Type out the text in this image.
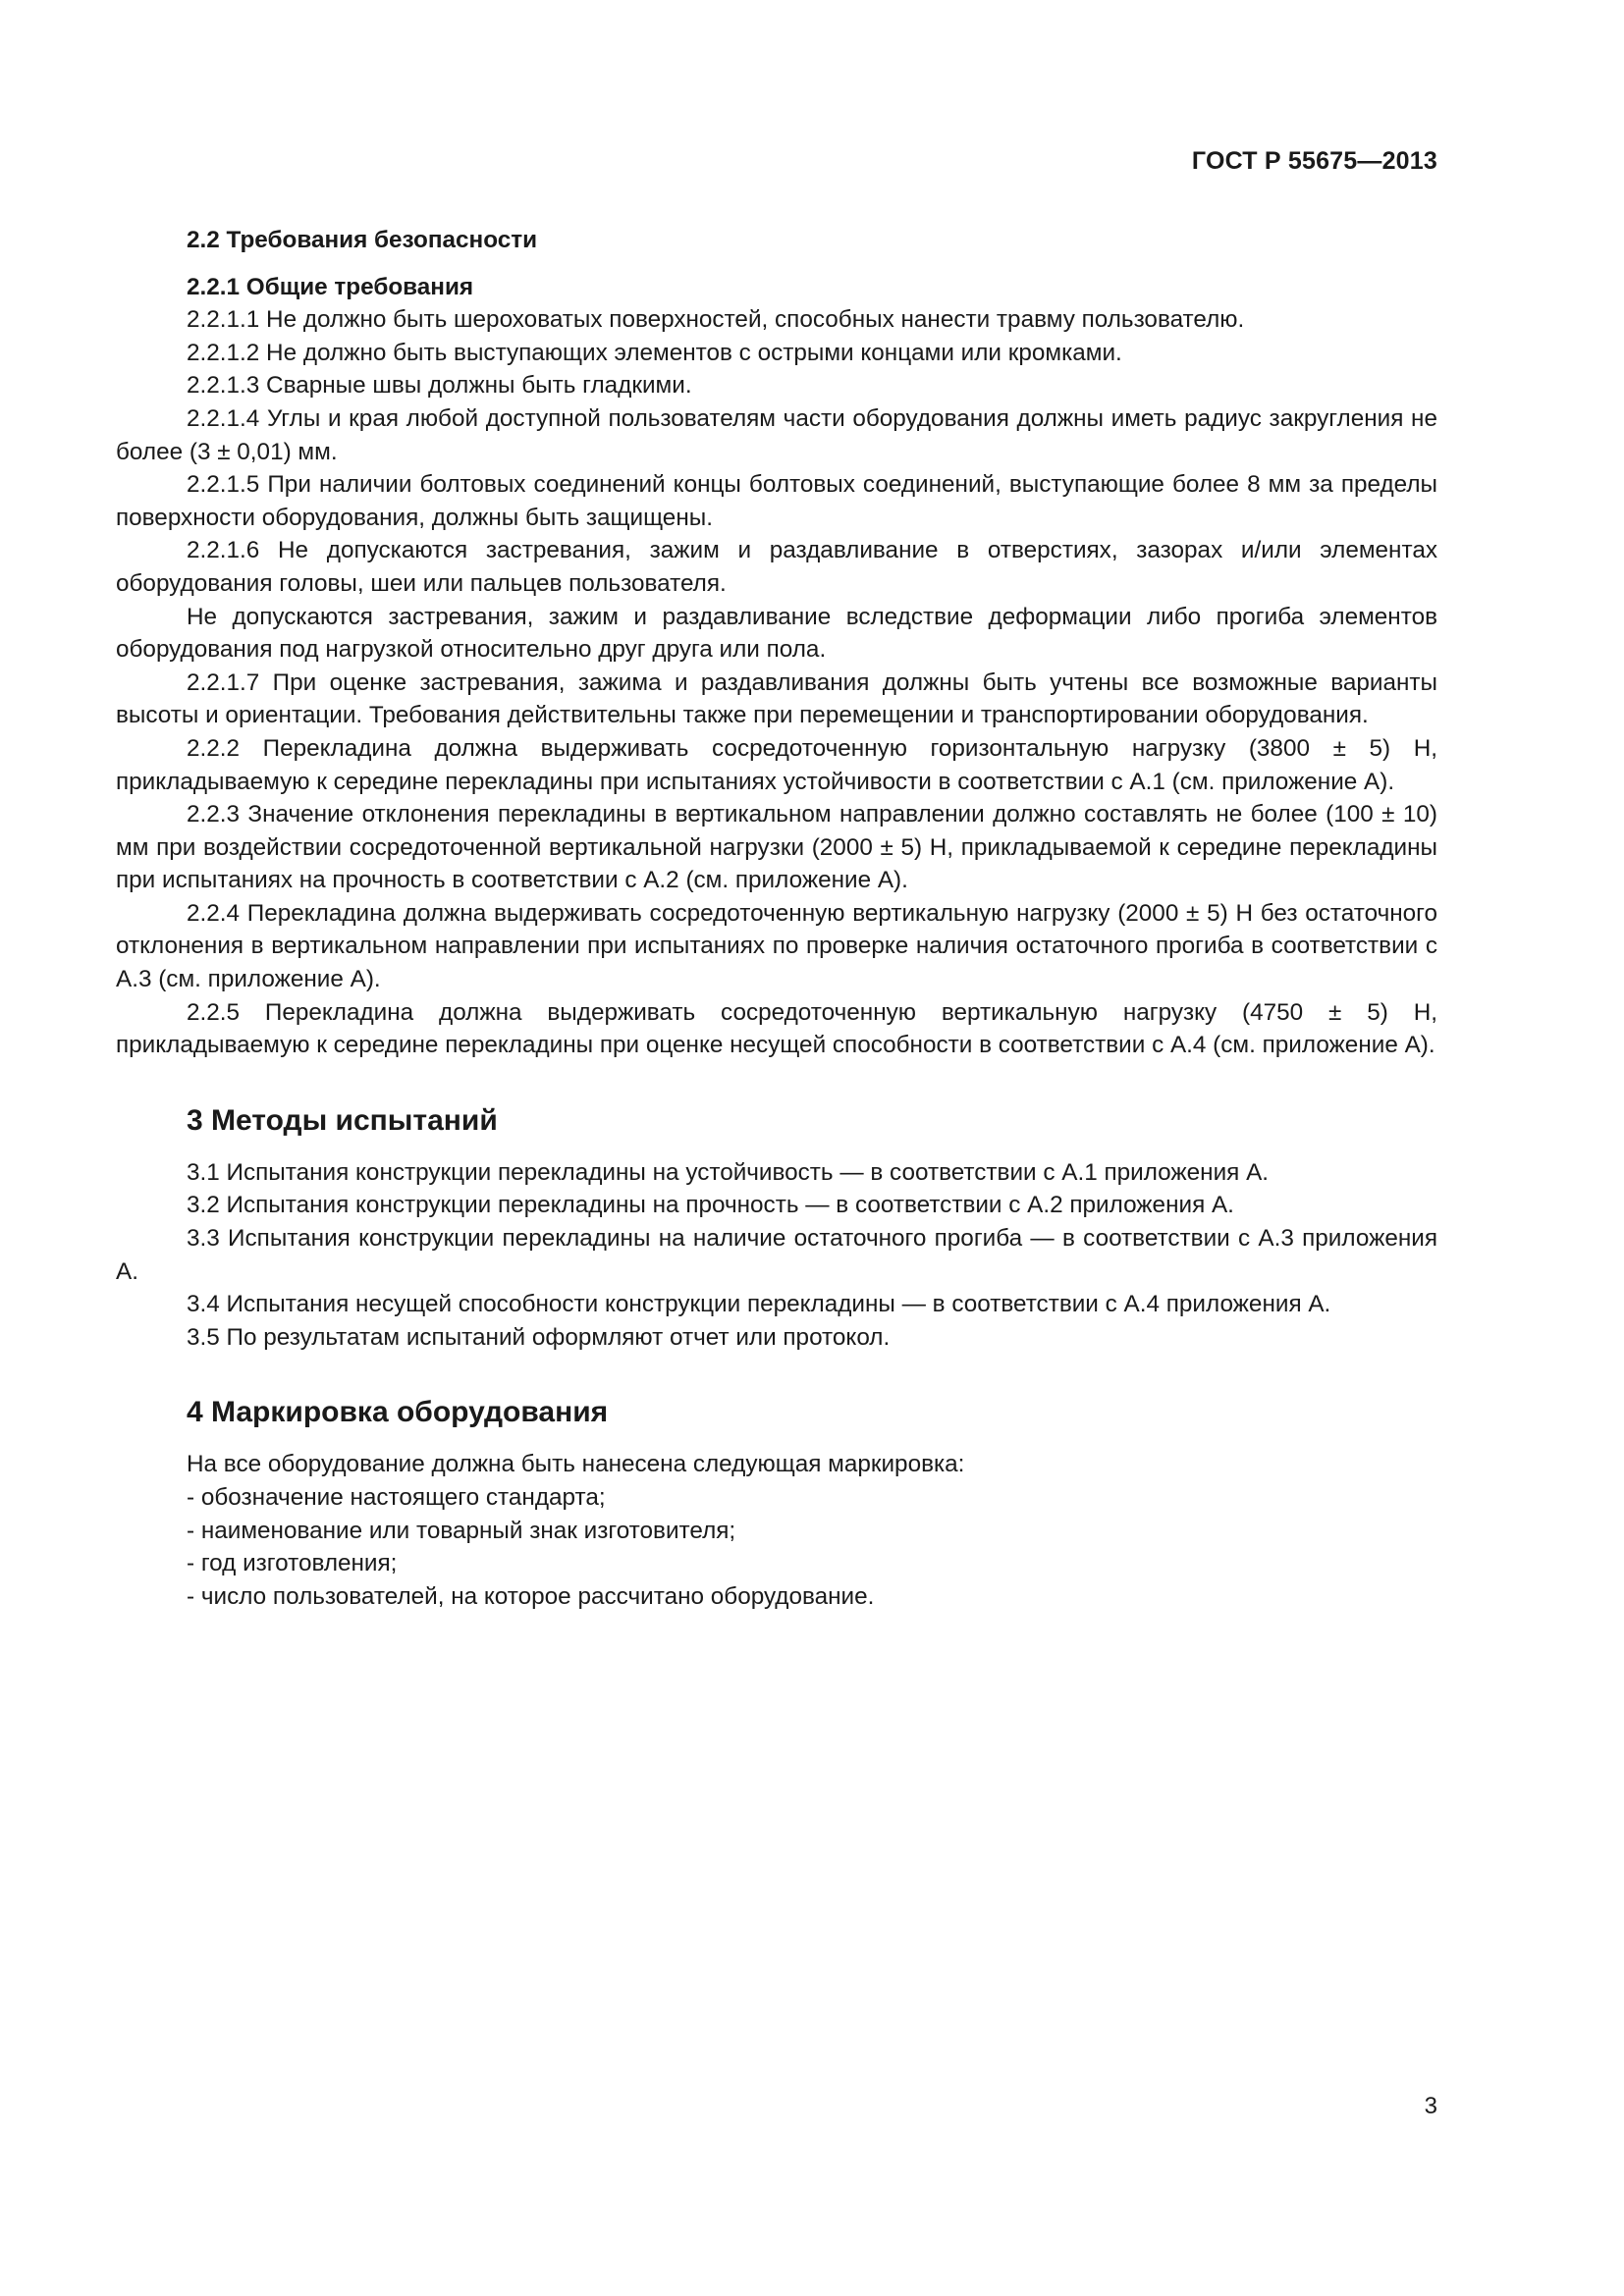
ГОСТ Р 55675—2013

2.2 Требования безопасности

2.2.1 Общие требования

2.2.1.1 Не должно быть шероховатых поверхностей, способных нанести травму пользователю.

2.2.1.2 Не должно быть выступающих элементов с острыми концами или кромками.

2.2.1.3 Сварные швы должны быть гладкими.

2.2.1.4 Углы и края любой доступной пользователям части оборудования должны иметь радиус закругления не более (3 ± 0,01) мм.

2.2.1.5 При наличии болтовых соединений концы болтовых соединений, выступающие более 8 мм за пределы поверхности оборудования, должны быть защищены.

2.2.1.6 Не допускаются застревания, зажим и раздавливание в отверстиях, зазорах и/или элементах оборудования головы, шеи или пальцев пользователя.

Не допускаются застревания, зажим и раздавливание вследствие деформации либо прогиба элементов оборудования под нагрузкой относительно друг друга или пола.

2.2.1.7 При оценке застревания, зажима и раздавливания должны быть учтены все возможные варианты высоты и ориентации. Требования действительны также при перемещении и транспортировании оборудования.

2.2.2 Перекладина должна выдерживать сосредоточенную горизонтальную нагрузку (3800 ± 5) Н, прикладываемую к середине перекладины при испытаниях устойчивости в соответствии с А.1 (см. приложение А).

2.2.3 Значение отклонения перекладины в вертикальном направлении должно составлять не более (100 ± 10) мм при воздействии сосредоточенной вертикальной нагрузки (2000 ± 5) Н, прикладываемой к середине перекладины при испытаниях на прочность в соответствии с А.2 (см. приложение А).

2.2.4 Перекладина должна выдерживать сосредоточенную вертикальную нагрузку (2000 ± 5) Н без остаточного отклонения в вертикальном направлении при испытаниях по проверке наличия остаточного прогиба в соответствии с А.3 (см. приложение А).

2.2.5 Перекладина должна выдерживать сосредоточенную вертикальную нагрузку (4750 ± 5) Н, прикладываемую к середине перекладины при оценке несущей способности в соответствии с А.4 (см. приложение А).

3 Методы испытаний

3.1 Испытания конструкции перекладины на устойчивость — в соответствии с А.1 приложения А.

3.2 Испытания конструкции перекладины на прочность — в соответствии с А.2 приложения А.

3.3 Испытания конструкции перекладины на наличие остаточного прогиба — в соответствии с А.3 приложения А.

3.4 Испытания несущей способности конструкции перекладины — в соответствии с А.4 приложения А.

3.5 По результатам испытаний оформляют отчет или протокол.

4 Маркировка оборудования

На все оборудование должна быть нанесена следующая маркировка:

- обозначение настоящего стандарта;

- наименование или товарный знак изготовителя;

- год изготовления;

- число пользователей, на которое рассчитано оборудование.

3
